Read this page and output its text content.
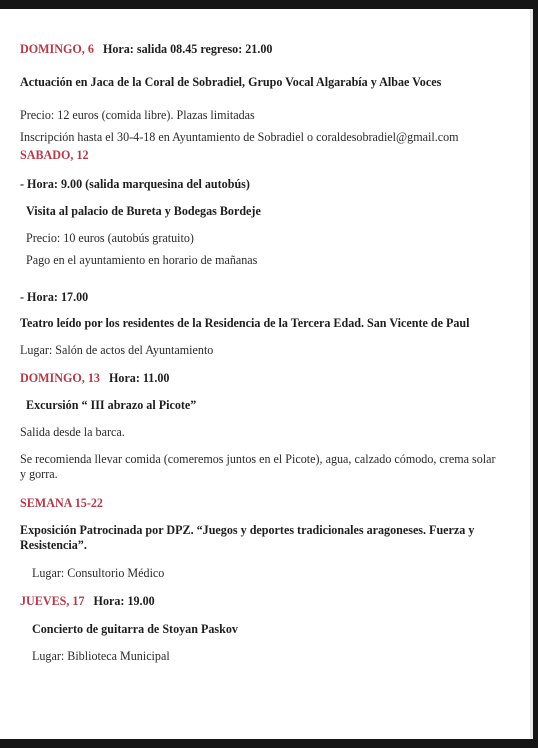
DOMINGO, 6 Hora: salida 08.45 regreso: 21.00
Actuación en Jaca de la Coral de Sobradiel, Grupo Vocal Algarabía y Albae Voces
Precio: 12 euros (comida libre). Plazas limitadas
Inscripción hasta el 30-4-18 en Ayuntamiento de Sobradiel o coraldesobradiel@gmail.com
SABADO, 12
- Hora: 9.00 (salida marquesina del autobús)
Visita al palacio de Bureta y Bodegas Bordeje
Precio: 10 euros (autobús gratuito)
Pago en el ayuntamiento en horario de mañanas
- Hora: 17.00
Teatro leído por los residentes de la Residencia de la Tercera Edad. San Vicente de Paul
Lugar: Salón de actos del Ayuntamiento
DOMINGO, 13 Hora: 11.00
Excursión “ III abrazo al Picote”
Salida desde la barca.
Se recomienda llevar comida (comeremos juntos en el Picote), agua, calzado cómodo, crema solar y gorra.
SEMANA 15-22
Exposición Patrocinada por DPZ. “Juegos y deportes tradicionales aragoneses. Fuerza y Resistencia”.
Lugar: Consultorio Médico
JUEVES, 17 Hora: 19.00
Concierto de guitarra de Stoyan Paskov
Lugar: Biblioteca Municipal
